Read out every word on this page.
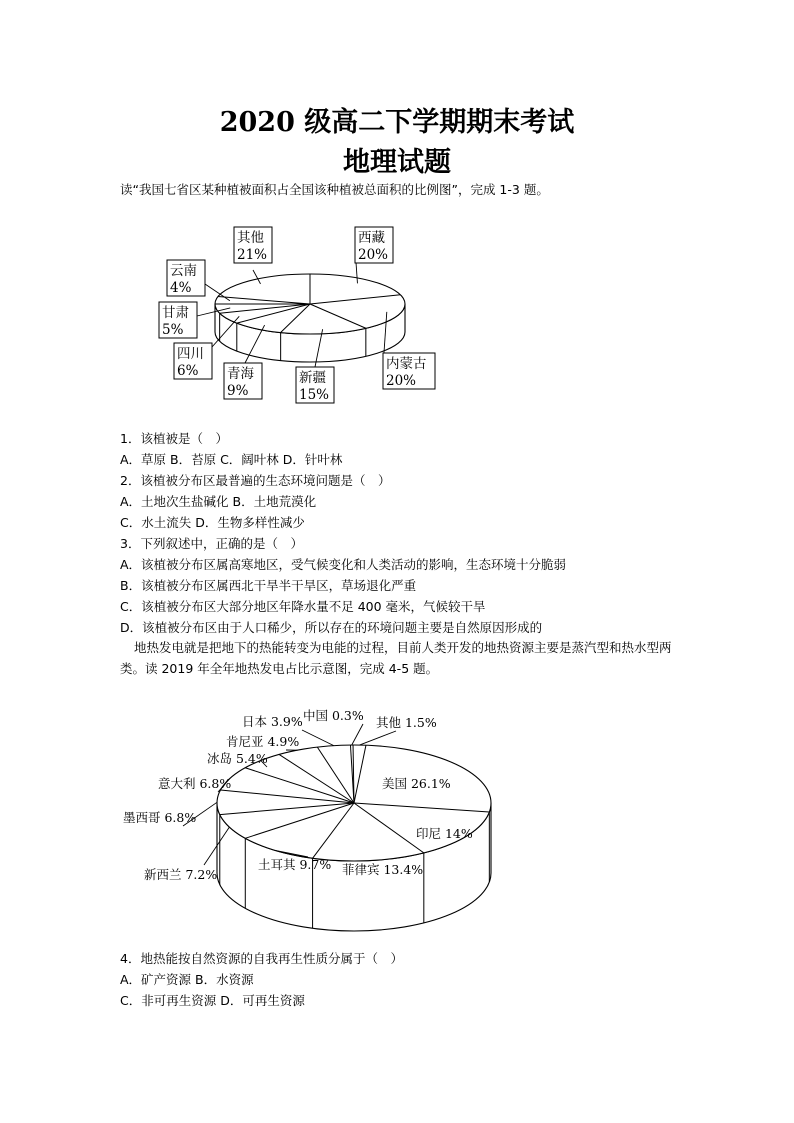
2020 级高二下学期期末考试
地理试题
读“我国七省区某种植被面积占全国该种植被总面积的比例图”，完成 1-3 题。
西藏
20%
内蒙古
20%
新疆
15%
青海
9%
四川
6%
甘肃
5%
云南
4%
其他
21%
1．该植被是（　）
A．草原 B．苔原 C．阔叶林 D．针叶林
2．该植被分布区最普遍的生态环境问题是（　）
A．土地次生盐碱化 B．土地荒漠化
C．水土流失 D．生物多样性减少
3．下列叙述中，正确的是（　）
A．该植被分布区属高寒地区，受气候变化和人类活动的影响，生态环境十分脆弱
B．该植被分布区属西北干旱半干旱区，草场退化严重
C．该植被分布区大部分地区年降水量不足 400 毫米，气候较干旱
D．该植被分布区由于人口稀少，所以存在的环境问题主要是自然原因形成的
地热发电就是把地下的热能转变为电能的过程，目前人类开发的地热资源主要是蒸汽型和热水型两类。读 2019 年全年地热发电占比示意图，完成 4-5 题。
美国 26.1%
印尼 14%
菲律宾 13.4%
土耳其 9.7%
新西兰 7.2%
墨西哥 6.8%
意大利 6.8%
冰岛 5.4%
肯尼亚 4.9%
日本 3.9% 中国 0.3% 其他 1.5%
4．地热能按自然资源的自我再生性质分属于（　）
A．矿产资源 B．水资源
C．非可再生资源 D．可再生资源
